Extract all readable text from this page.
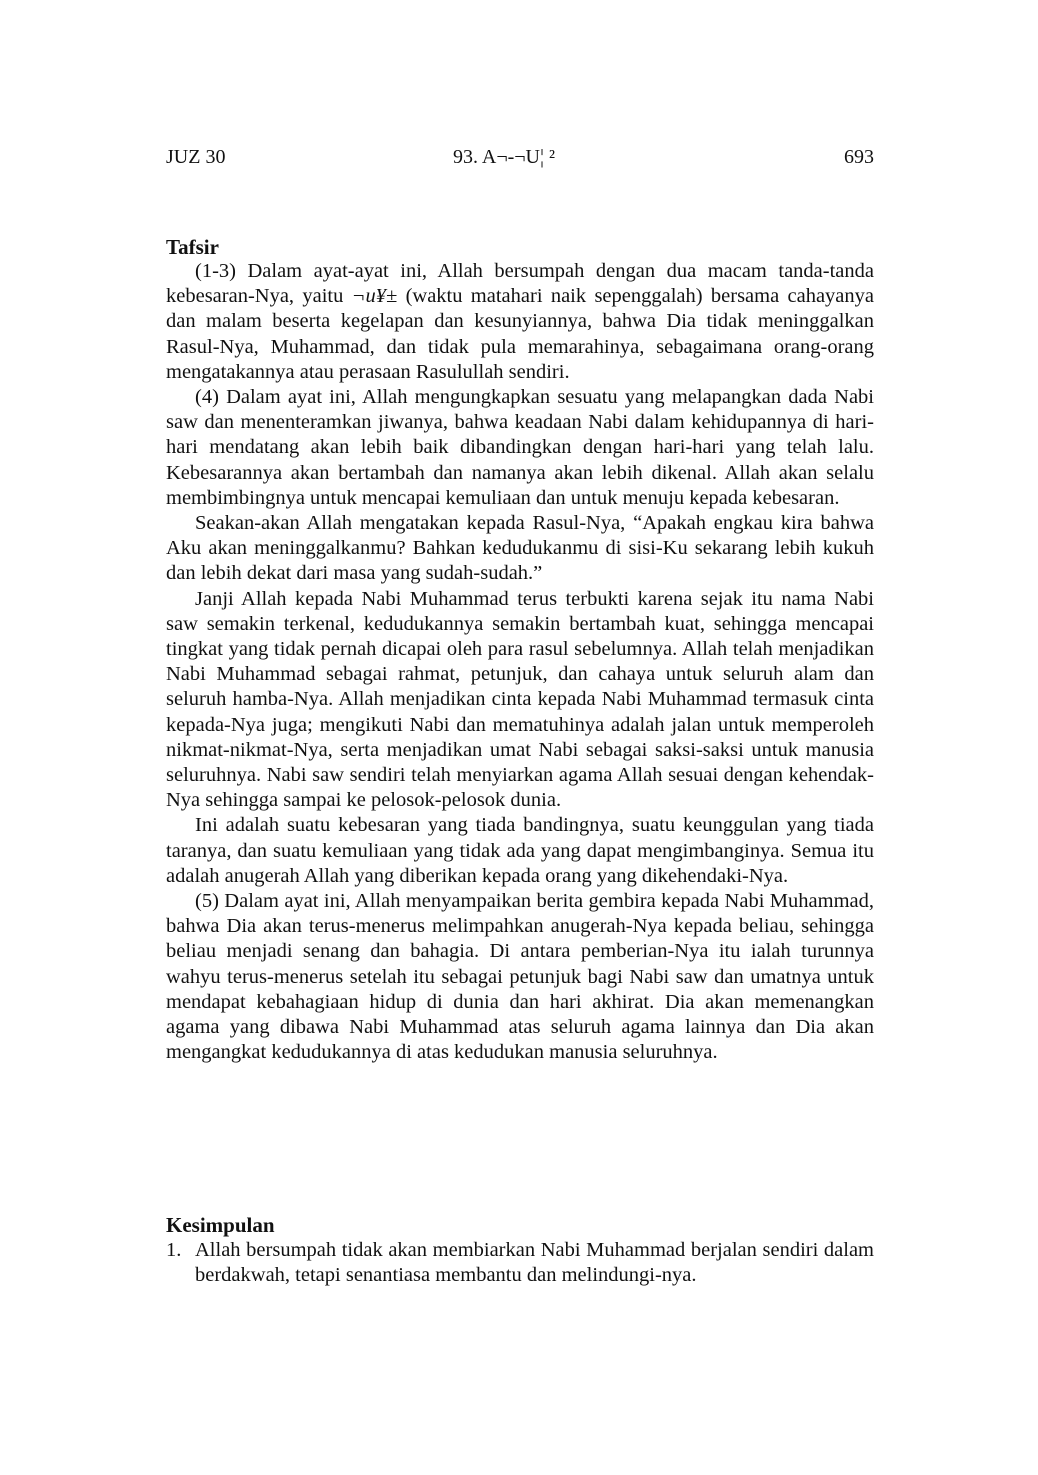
JUZ 30	93. A¬-¬U¦ ²	693
Tafsir

(1-3) Dalam ayat-ayat ini, Allah bersumpah dengan dua macam tanda-tanda kebesaran-Nya, yaitu ¬u¥± (waktu matahari naik sepenggalah) bersama cahayanya dan malam beserta kegelapan dan kesunyiannya, bahwa Dia tidak meninggalkan Rasul-Nya, Muhammad, dan tidak pula memarahinya, sebagaimana orang-orang mengatakannya atau perasaan Rasulullah sendiri.

(4) Dalam ayat ini, Allah mengungkapkan sesuatu yang melapangkan dada Nabi saw dan menenteramkan jiwanya, bahwa keadaan Nabi dalam kehidupannya di hari-hari mendatang akan lebih baik dibandingkan dengan hari-hari yang telah lalu. Kebesarannya akan bertambah dan namanya akan lebih dikenal. Allah akan selalu membimbingnya untuk mencapai kemuliaan dan untuk menuju kepada kebesaran.

Seakan-akan Allah mengatakan kepada Rasul-Nya, “Apakah engkau kira bahwa Aku akan meninggalkanmu? Bahkan kedudukanmu di sisi-Ku sekarang lebih kukuh dan lebih dekat dari masa yang sudah-sudah.”

Janji Allah kepada Nabi Muhammad terus terbukti karena sejak itu nama Nabi saw semakin terkenal, kedudukannya semakin bertambah kuat, sehingga mencapai tingkat yang tidak pernah dicapai oleh para rasul sebelumnya. Allah telah menjadikan Nabi Muhammad sebagai rahmat, petunjuk, dan cahaya untuk seluruh alam dan seluruh hamba-Nya. Allah menjadikan cinta kepada Nabi Muhammad termasuk cinta kepada-Nya juga; mengikuti Nabi dan mematuhinya adalah jalan untuk memperoleh nikmat-nikmat-Nya, serta menjadikan umat Nabi sebagai saksi-saksi untuk manusia seluruhnya. Nabi saw sendiri telah menyiarkan agama Allah sesuai dengan kehendak-Nya sehingga sampai ke pelosok-pelosok dunia.

Ini adalah suatu kebesaran yang tiada bandingnya, suatu keunggulan yang tiada taranya, dan suatu kemuliaan yang tidak ada yang dapat mengimbanginya. Semua itu adalah anugerah Allah yang diberikan kepada orang yang dikehendaki-Nya.

(5) Dalam ayat ini, Allah menyampaikan berita gembira kepada Nabi Muhammad, bahwa Dia akan terus-menerus melimpahkan anugerah-Nya kepada beliau, sehingga beliau menjadi senang dan bahagia. Di antara pemberian-Nya itu ialah turunnya wahyu terus-menerus setelah itu sebagai petunjuk bagi Nabi saw dan umatnya untuk mendapat kebahagiaan hidup di dunia dan hari akhirat. Dia akan memenangkan agama yang dibawa Nabi Muhammad atas seluruh agama lainnya dan Dia akan mengangkat kedudukannya di atas kedudukan manusia seluruhnya.

Kesimpulan
1. Allah bersumpah tidak akan membiarkan Nabi Muhammad berjalan sendiri dalam berdakwah, tetapi senantiasa membantu dan melindungi-nya.
